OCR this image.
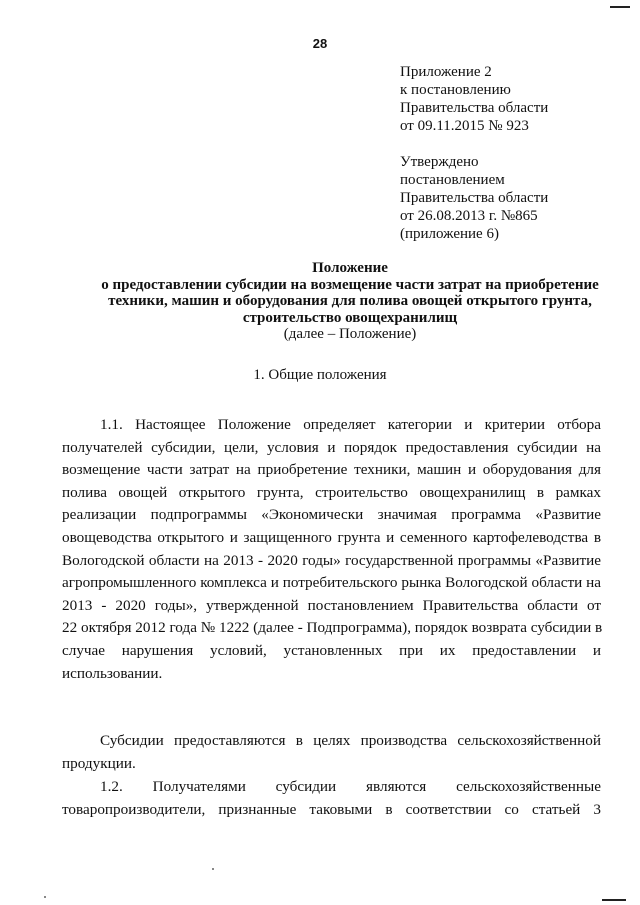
28
Приложение 2
к постановлению
Правительства области
от 09.11.2015 № 923
Утверждено
постановлением
Правительства области
от 26.08.2013 г. №865
(приложение 6)
Положение
о предоставлении субсидии на возмещение части затрат на приобретение
техники, машин и оборудования для полива овощей открытого грунта,
строительство овощехранилищ
(далее – Положение)
1. Общие положения
1.1. Настоящее Положение определяет категории и критерии отбора
получателей субсидии, цели, условия и порядок предоставления субсидии на
возмещение части затрат на приобретение техники, машин и оборудования для
полива овощей открытого грунта, строительство овощехранилищ в рамках
реализации подпрограммы «Экономически значимая программа «Развитие
овощеводства открытого и защищенного грунта и семенного картофелеводства в
Вологодской области на 2013 - 2020 годы» государственной программы «Развитие
агропромышленного комплекса и потребительского рынка Вологодской области на
2013 - 2020 годы», утвержденной постановлением Правительства области от
22 октября 2012 года № 1222 (далее - Подпрограмма), порядок возврата субсидии в
случае нарушения условий, установленных при их предоставлении и
использовании.
Субсидии предоставляются в целях производства сельскохозяйственной
продукции.
1.2. Получателями субсидии являются сельскохозяйственные
товаропроизводители, признанные таковыми в соответствии со статьей 3
